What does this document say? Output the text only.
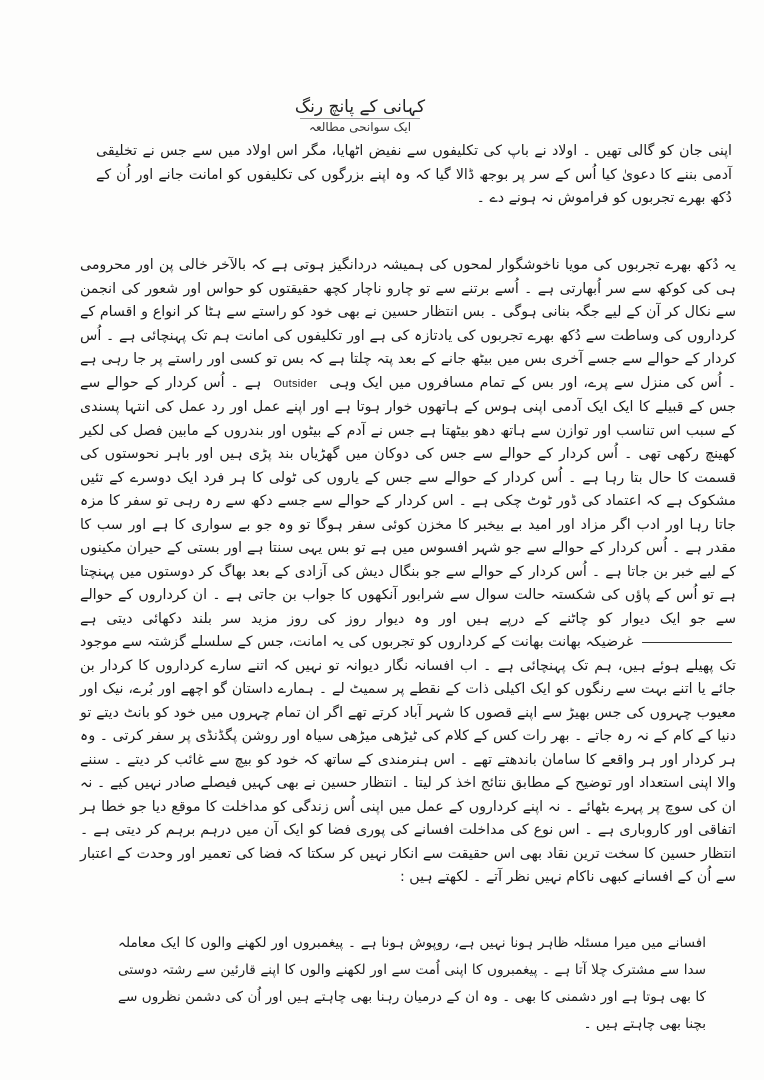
کہانی کے پانچ رنگ
ایک سوانحی مطالعہ
اپنی جان کو گالی تھیں ۔ اولاد نے باپ کی تکلیفوں سے نفیض اٹھایا، مگر اس اولاد میں سے جس نے تخلیقی آدمی بننے کا دعویٰ کیا اُس کے سر پر بوجھ ڈالا گیا کہ وہ اپنے بزرگوں کی تکلیفوں کو امانت جانے اور اُن کے دُکھ بھرے تجربوں کو فراموش نہ ہونے دے ۔
یہ دُکھ بھرے تجربوں کی مویا ناخوشگوار لمحوں کی ہمیشہ دردانگیز ہوتی ہے کہ بالآخر خالی پن اور محرومی ہی کی کوکھ سے سر اُبھارتی ہے ۔ اُسے برتنے سے تو چارو ناچار کچھ حقیقتوں کو حواس اور شعور کی انجمن سے نکال کر آن کے لیے جگہ بنانی ہوگی ۔ بس انتظار حسین نے بھی خود کو راستے سے ہٹا کر انواع و اقسام کے کرداروں کی وساطت سے دُکھ بھرے تجربوں کی یادتازہ کی ہے اور تکلیفوں کی امانت ہم تک پہنچائی ہے ۔ اُس کردار کے حوالے سے جسے آخری بس میں بیٹھ جانے کے بعد پتہ چلتا ہے کہ بس تو کسی اور راستے پر جا رہی ہے ۔ اُس کی منزل سے پرے، اور بس کے تمام مسافروں میں ایک وہی Outsider ہے ۔ اُس کردار کے حوالے سے جس کے قبیلے کا ایک ایک آدمی اپنی ہوس کے ہاتھوں خوار ہوتا ہے اور اپنے عمل اور رد عمل کی انتہا پسندی کے سبب اس تناسب اور توازن سے ہاتھ دھو بیٹھتا ہے جس نے آدم کے بیٹوں اور بندروں کے مابین فصل کی لکیر کھینچ رکھی تھی ۔ اُس کردار کے حوالے سے جس کی دوکان میں گھڑیاں بند پڑی ہیں اور باہر نحوستوں کی قسمت کا حال بتا رہا ہے ۔ اُس کردار کے حوالے سے جس کے یاروں کی ٹولی کا ہر فرد ایک دوسرے کے تئیں مشکوک ہے کہ اعتماد کی ڈور ٹوٹ چکی ہے ۔ اس کردار کے حوالے سے جسے دکھ سے رہ رہی تو سفر کا مزہ جاتا رہا اور ادب اگر مزاد اور امید بے بیخبر کا مخزن کوئی سفر ہوگا تو وہ جو بے سواری کا ہے اور سب کا مقدر ہے ۔ اُس کردار کے حوالے سے جو شہر افسوس میں ہے تو بس یہی سنتا ہے اور بستی کے حیران مکینوں کے لیے خبر بن جاتا ہے ۔ اُس کردار کے حوالے سے جو بنگال دیش کی آزادی کے بعد بھاگ کر دوستوں میں پہنچتا ہے تو اُس کے پاؤں کی شکستہ حالت سوال سے شرابور آنکھوں کا جواب بن جاتی ہے ۔ ان کرداروں کے حوالے سے جو ایک دیوار کو چاٹنے کے درپے ہیں اور وہ دیوار روز کی روز مزید سر بلند دکھائی دیتی ہے  غرضیکہ بھانت بھانت کے کرداروں کو تجربوں کی یہ امانت، جس کے سلسلے گزشتہ سے موجود تک پھیلے ہوئے ہیں، ہم تک پہنچائی ہے ۔ اب افسانہ نگار دیوانہ تو نہیں کہ اتنے سارے کرداروں کا کردار بن جائے یا اتنے بہت سے رنگوں کو ایک اکیلی ذات کے نقطے پر سمیٹ لے ۔ ہمارے داستان گو اچھے اور بُرے، نیک اور معیوب چہروں کی جس بھیڑ سے اپنے قصوں کا شہر آباد کرتے تھے اگر ان تمام چہروں میں خود کو بانٹ دیتے تو دنیا کے کام کے نہ رہ جاتے ۔ بھر رات کس کے کلام کی ٹیڑھی میڑھی سیاہ اور روشن پگڈنڈی پر سفر کرتی ۔ وہ ہر کردار اور ہر واقعے کا سامان باندھتے تھے ۔ اس ہنرمندی کے ساتھ کہ خود کو بیچ سے غائب کر دیتے ۔ سننے والا اپنی استعداد اور توضیح کے مطابق نتائج اخذ کر لیتا ۔ انتظار حسین نے بھی کہیں فیصلے صادر نہیں کیے ۔ نہ ان کی سوچ پر پہرے بٹھائے ۔ نہ اپنے کرداروں کے عمل میں اپنی اُس زندگی کو مداخلت کا موقع دیا جو خطا ہر اتفاقی اور کاروباری ہے ۔ اس نوع کی مداخلت افسانے کی پوری فضا کو ایک آن میں درہم برہم کر دیتی ہے ۔ انتظار حسین کا سخت ترین نقاد بھی اس حقیقت سے انکار نہیں کر سکتا کہ فضا کی تعمیر اور وحدت کے اعتبار سے اُن کے افسانے کبھی ناکام نہیں نظر آتے ۔ لکھتے ہیں :
افسانے میں میرا مسئلہ ظاہر ہونا نہیں ہے، روپوش ہونا ہے ۔ پیغمبروں اور لکھنے والوں کا ایک معاملہ سدا سے مشترک چلا آتا ہے ۔ پیغمبروں کا اپنی اُمت سے اور لکھنے والوں کا اپنے قارئین سے رشتہ دوستی کا بھی ہوتا ہے اور دشمنی کا بھی ۔ وہ ان کے درمیان رہنا بھی چاہتے ہیں اور اُن کی دشمن نظروں سے بچنا بھی چاہتے ہیں ۔
